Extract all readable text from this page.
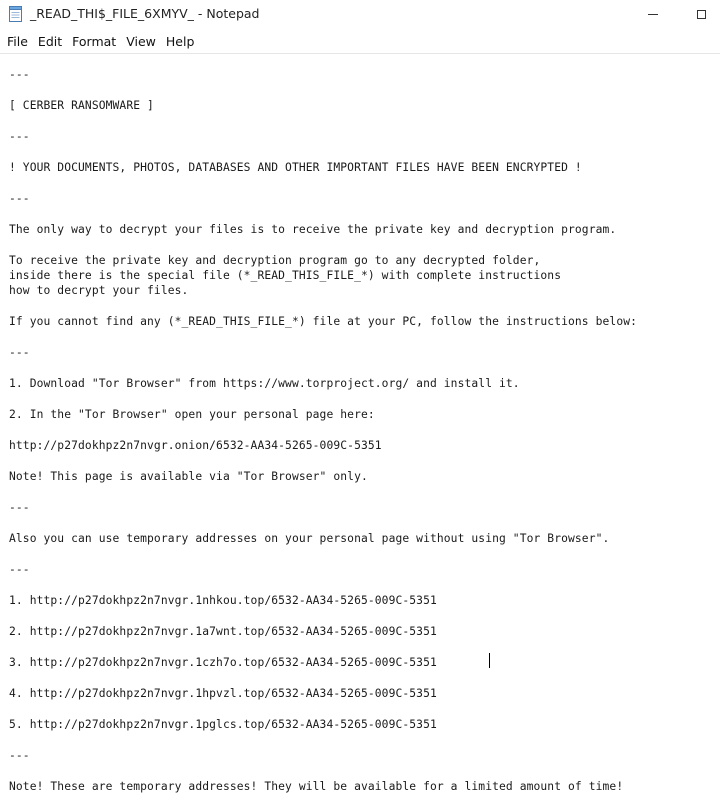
_READ_THI$_FILE_6XMYV_ - Notepad
File Edit Format View Help
---
[ CERBER RANSOMWARE ]
---
! YOUR DOCUMENTS, PHOTOS, DATABASES AND OTHER IMPORTANT FILES HAVE BEEN ENCRYPTED !
---
The only way to decrypt your files is to receive the private key and decryption program.
To receive the private key and decryption program go to any decrypted folder,
inside there is the special file (*_READ_THIS_FILE_*) with complete instructions
how to decrypt your files.
If you cannot find any (*_READ_THIS_FILE_*) file at your PC, follow the instructions below:
---
1. Download "Tor Browser" from https://www.torproject.org/ and install it.
2. In the "Tor Browser" open your personal page here:
http://p27dokhpz2n7nvgr.onion/6532-AA34-5265-009C-5351
Note! This page is available via "Tor Browser" only.
---
Also you can use temporary addresses on your personal page without using "Tor Browser".
---
1. http://p27dokhpz2n7nvgr.1nhkou.top/6532-AA34-5265-009C-5351
2. http://p27dokhpz2n7nvgr.1a7wnt.top/6532-AA34-5265-009C-5351
3. http://p27dokhpz2n7nvgr.1czh7o.top/6532-AA34-5265-009C-5351
4. http://p27dokhpz2n7nvgr.1hpvzl.top/6532-AA34-5265-009C-5351
5. http://p27dokhpz2n7nvgr.1pglcs.top/6532-AA34-5265-009C-5351
---
Note! These are temporary addresses! They will be available for a limited amount of time!
